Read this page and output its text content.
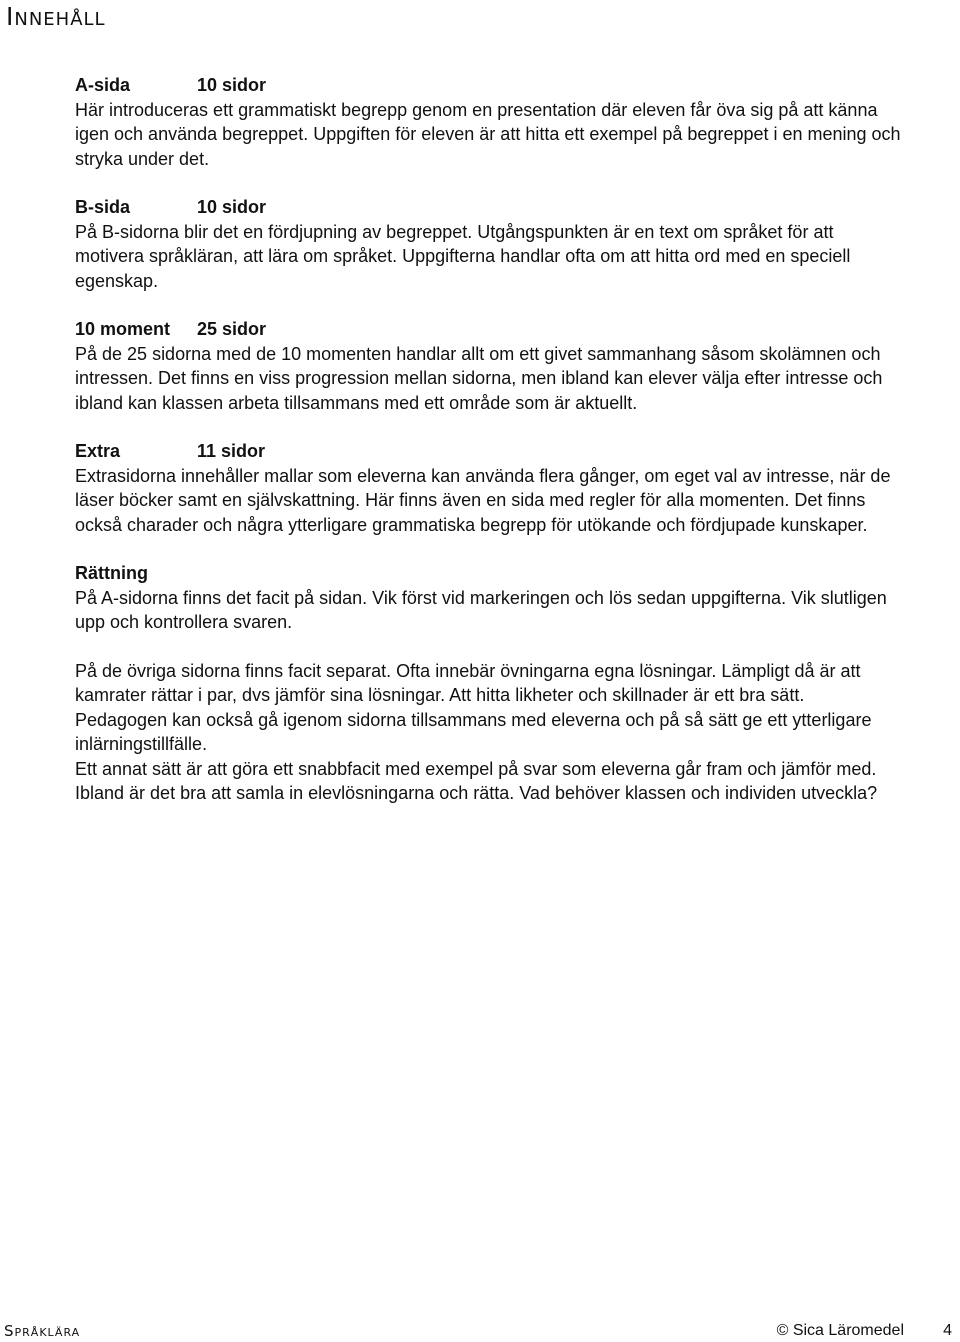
Innehåll

A-sida	10 sidor

Här introduceras ett grammatiskt begrepp genom en presentation där eleven får öva sig på att känna igen och använda begreppet. Uppgiften för eleven är att hitta ett exempel på begreppet i en mening och stryka under det.

B-sida	10 sidor

På B-sidorna blir det en fördjupning av begreppet. Utgångspunkten är en text om språket för att motivera språkläran, att lära om språket. Uppgifterna handlar ofta om att hitta ord med en speciell egenskap.

10 moment 25 sidor

På de 25 sidorna med de 10 momenten handlar allt om ett givet sammanhang såsom skolämnen och intressen. Det finns en viss progression mellan sidorna, men ibland kan elever välja efter intresse och ibland kan klassen arbeta tillsammans med ett område som är aktuellt.

Extra	11 sidor

Extrasidorna innehåller mallar som eleverna kan använda flera gånger, om eget val av intresse, när de läser böcker samt en självskattning. Här finns även en sida med regler för alla momenten. Det finns också charader och några ytterligare grammatiska begrepp för utökande och fördjupade kunskaper.

Rättning

På A-sidorna finns det facit på sidan. Vik först vid markeringen och lös sedan uppgifterna. Vik slutligen upp och kontrollera svaren.

På de övriga sidorna finns facit separat. Ofta innebär övningarna egna lösningar. Lämpligt då är att kamrater rättar i par, dvs jämför sina lösningar. Att hitta likheter och skillnader är ett bra sätt.

Pedagogen kan också gå igenom sidorna tillsammans med eleverna och på så sätt ge ett ytterligare inlärningstillfälle.

Ett annat sätt är att göra ett snabbfacit med exempel på svar som eleverna går fram och jämför med.

Ibland är det bra att samla in elevlösningarna och rätta. Vad behöver klassen och individen utveckla?

Språklära	© Sica Läromedel 4
